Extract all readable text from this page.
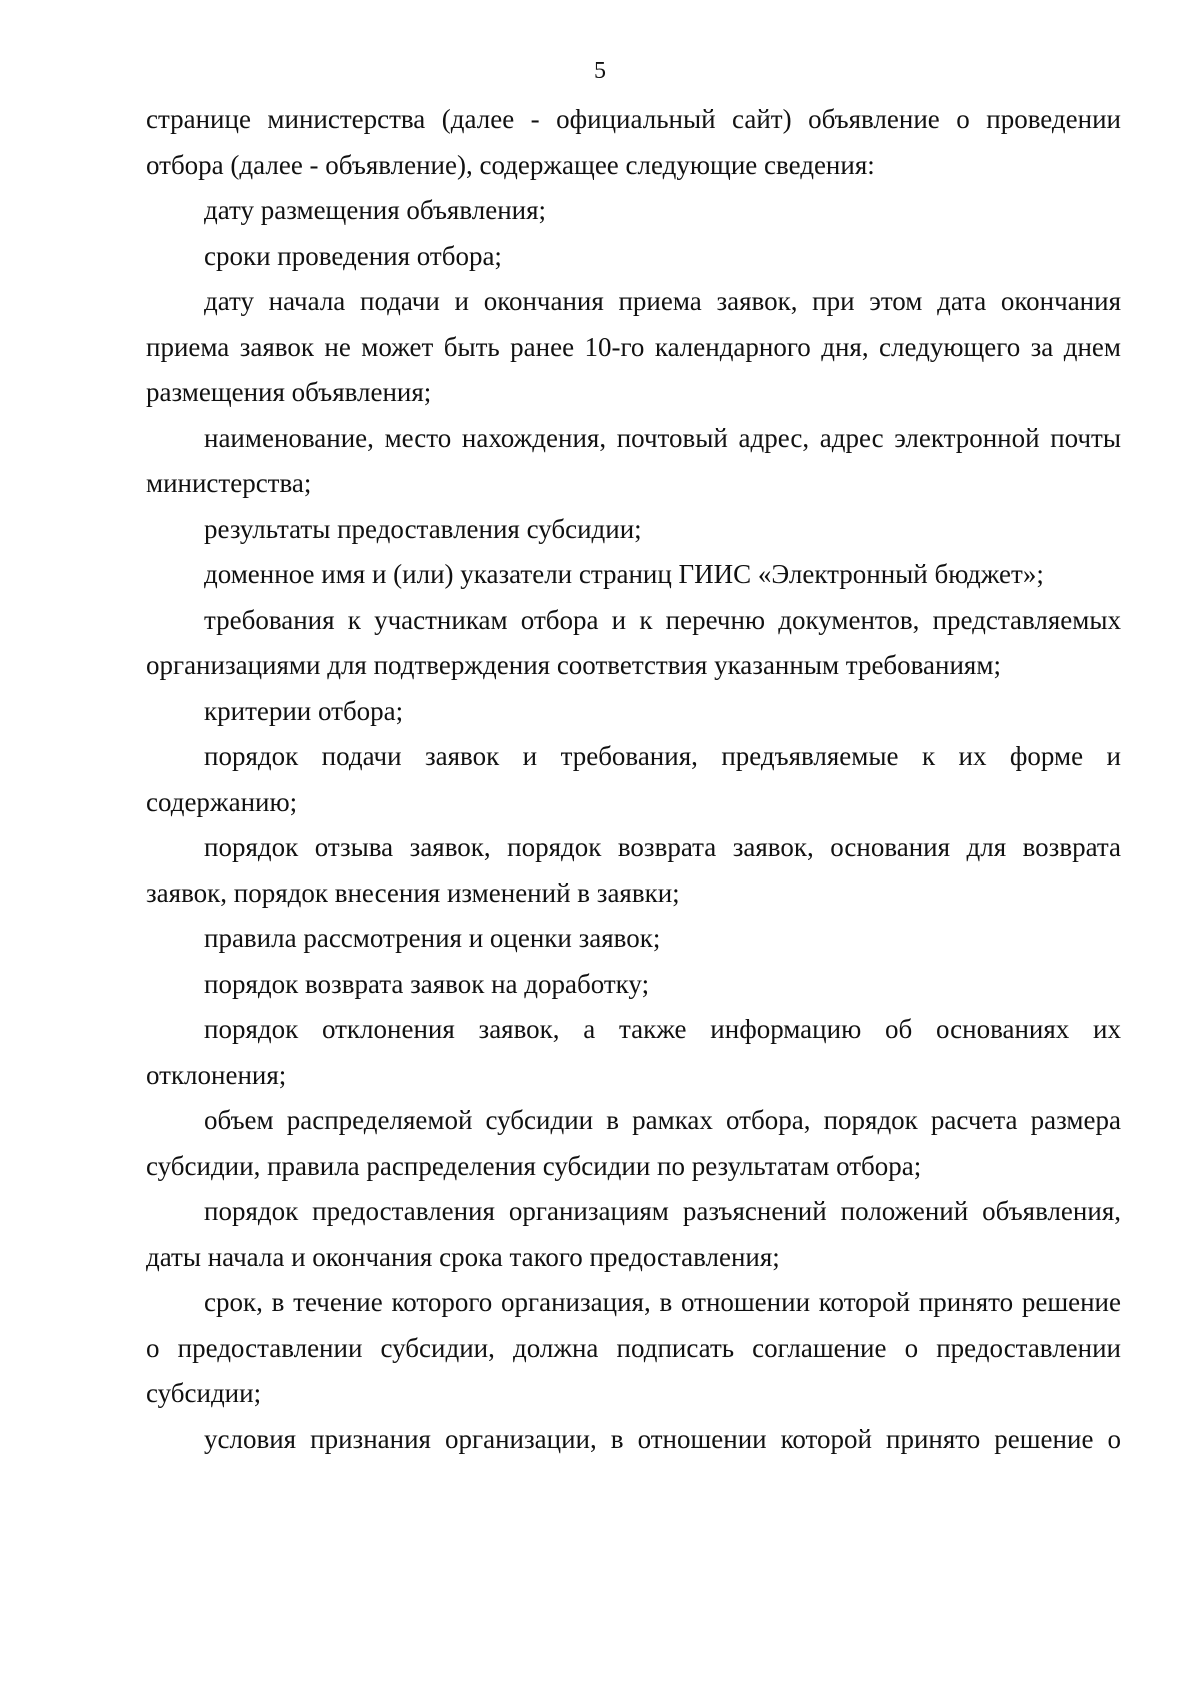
5

странице министерства (далее - официальный сайт) объявление о проведении отбора (далее - объявление), содержащее следующие сведения:

дату размещения объявления;

сроки проведения отбора;

дату начала подачи и окончания приема заявок, при этом дата окончания приема заявок не может быть ранее 10-го календарного дня, следующего за днем размещения объявления;

наименование, место нахождения, почтовый адрес, адрес электронной почты министерства;

результаты предоставления субсидии;

доменное имя и (или) указатели страниц ГИИС «Электронный бюджет»;

требования к участникам отбора и к перечню документов, представляемых организациями для подтверждения соответствия указанным требованиям;

критерии отбора;

порядок подачи заявок и требования, предъявляемые к их форме и содержанию;

порядок отзыва заявок, порядок возврата заявок, основания для возврата заявок, порядок внесения изменений в заявки;

правила рассмотрения и оценки заявок;

порядок возврата заявок на доработку;

порядок отклонения заявок, а также информацию об основаниях их отклонения;

объем распределяемой субсидии в рамках отбора, порядок расчета размера субсидии, правила распределения субсидии по результатам отбора;

порядок предоставления организациям разъяснений положений объявления, даты начала и окончания срока такого предоставления;

срок, в течение которого организация, в отношении которой принято решение о предоставлении субсидии, должна подписать соглашение о предоставлении субсидии;

условия признания организации, в отношении которой принято решение о
